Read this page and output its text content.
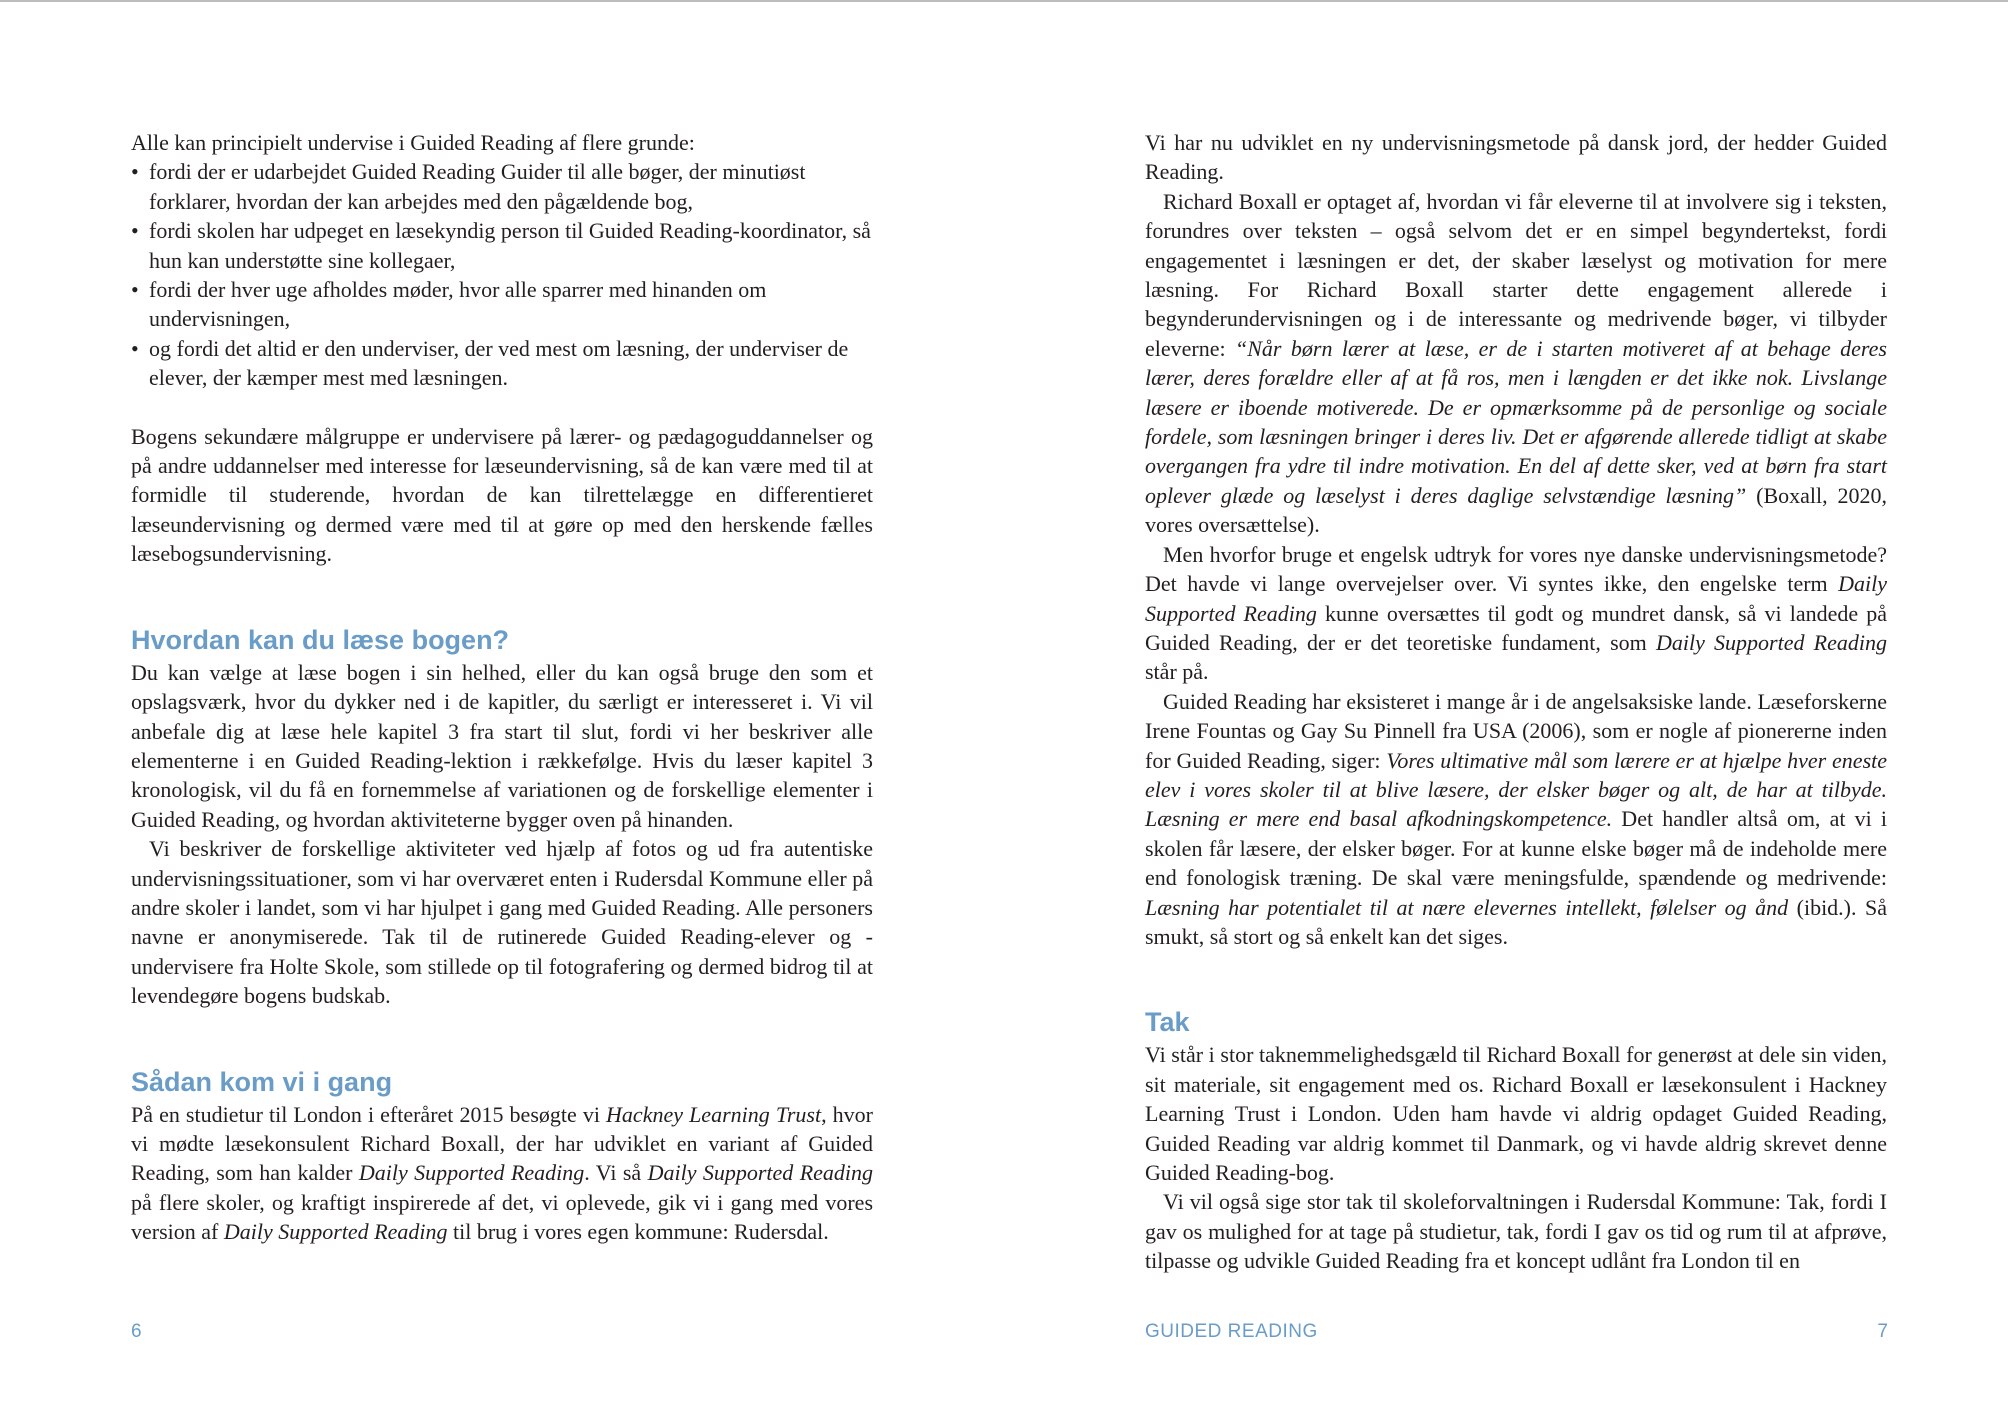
Alle kan principielt undervise i Guided Reading af flere grunde:

• fordi der er udarbejdet Guided Reading Guider til alle bøger, der minutiøst forklarer, hvordan der kan arbejdes med den pågældende bog,
• fordi skolen har udpeget en læsekyndig person til Guided Reading-koordinator, så hun kan understøtte sine kollegaer,
• fordi der hver uge afholdes møder, hvor alle sparrer med hinanden om undervisningen,
• og fordi det altid er den underviser, der ved mest om læsning, der underviser de elever, der kæmper mest med læsningen.

Bogens sekundære målgruppe er undervisere på lærer- og pædagoguddannelser og på andre uddannelser med interesse for læseundervisning, så de kan være med til at formidle til studerende, hvordan de kan tilrettelægge en differentieret læseundervisning og dermed være med til at gøre op med den herskende fælles læsebogsundervisning.

Hvordan kan du læse bogen?

Du kan vælge at læse bogen i sin helhed, eller du kan også bruge den som et opslagsværk, hvor du dykker ned i de kapitler, du særligt er interesseret i. Vi vil anbefale dig at læse hele kapitel 3 fra start til slut, fordi vi her beskriver alle elementerne i en Guided Reading-lektion i rækkefølge. Hvis du læser kapitel 3 kronologisk, vil du få en fornemmelse af variationen og de forskellige elementer i Guided Reading, og hvordan aktiviteterne bygger oven på hinanden.

Vi beskriver de forskellige aktiviteter ved hjælp af fotos og ud fra autentiske undervisningssituationer, som vi har overværet enten i Rudersdal Kommune eller på andre skoler i landet, som vi har hjulpet i gang med Guided Reading. Alle personers navne er anonymiserede. Tak til de rutinerede Guided Reading-elever og -undervisere fra Holte Skole, som stillede op til fotografering og dermed bidrog til at levendegøre bogens budskab.

Sådan kom vi i gang

På en studietur til London i efteråret 2015 besøgte vi Hackney Learning Trust, hvor vi mødte læsekonsulent Richard Boxall, der har udviklet en variant af Guided Reading, som han kalder Daily Supported Reading. Vi så Daily Supported Reading på flere skoler, og kraftigt inspirerede af det, vi oplevede, gik vi i gang med vores version af Daily Supported Reading til brug i vores egen kommune: Rudersdal.

Vi har nu udviklet en ny undervisningsmetode på dansk jord, der hedder Guided Reading.

Richard Boxall er optaget af, hvordan vi får eleverne til at involvere sig i teksten, forundres over teksten – også selvom det er en simpel begyndertekst, fordi engagementet i læsningen er det, der skaber læselyst og motivation for mere læsning. For Richard Boxall starter dette engagement allerede i begynderundervisningen og i de interessante og medrivende bøger, vi tilbyder eleverne: “Når børn lærer at læse, er de i starten motiveret af at behage deres lærer, deres forældre eller af at få ros, men i længden er det ikke nok. Livslange læsere er iboende motiverede. De er opmærksomme på de personlige og sociale fordele, som læsningen bringer i deres liv. Det er afgørende allerede tidligt at skabe overgangen fra ydre til indre motivation. En del af dette sker, ved at børn fra start oplever glæde og læselyst i deres daglige selvstændige læsning” (Boxall, 2020, vores oversættelse).

Men hvorfor bruge et engelsk udtryk for vores nye danske undervisningsmetode? Det havde vi lange overvejelser over. Vi syntes ikke, den engelske term Daily Supported Reading kunne oversættes til godt og mundret dansk, så vi landede på Guided Reading, der er det teoretiske fundament, som Daily Supported Reading står på.

Guided Reading har eksisteret i mange år i de angelsaksiske lande. Læseforskerne Irene Fountas og Gay Su Pinnell fra USA (2006), som er nogle af pionererne inden for Guided Reading, siger: Vores ultimative mål som lærere er at hjælpe hver eneste elev i vores skoler til at blive læsere, der elsker bøger og alt, de har at tilbyde. Læsning er mere end basal afkodningskompetence. Det handler altså om, at vi i skolen får læsere, der elsker bøger. For at kunne elske bøger må de indeholde mere end fonologisk træning. De skal være meningsfulde, spændende og medrivende: Læsning har potentialet til at nære elevernes intellekt, følelser og ånd (ibid.). Så smukt, så stort og så enkelt kan det siges.

Tak

Vi står i stor taknemmelighedsgæld til Richard Boxall for generøst at dele sin viden, sit materiale, sit engagement med os. Richard Boxall er læsekonsulent i Hackney Learning Trust i London. Uden ham havde vi aldrig opdaget Guided Reading, Guided Reading var aldrig kommet til Danmark, og vi havde aldrig skrevet denne Guided Reading-bog.

Vi vil også sige stor tak til skoleforvaltningen i Rudersdal Kommune: Tak, fordi I gav os mulighed for at tage på studietur, tak, fordi I gav os tid og rum til at afprøve, tilpasse og udvikle Guided Reading fra et koncept udlånt fra London til en

6	GUIDED READING	7
